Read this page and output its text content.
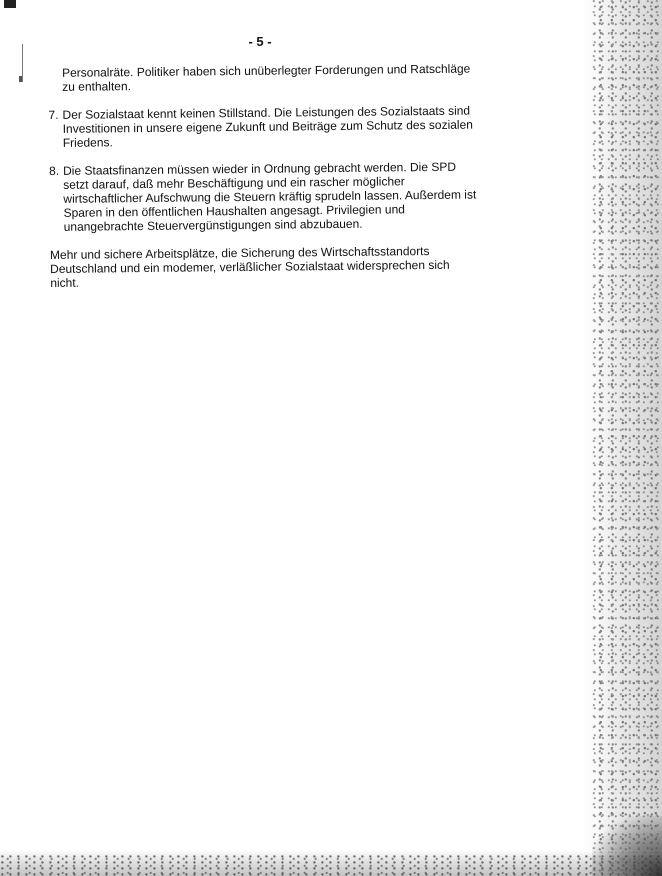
- 5 -

Personalräte. Politiker haben sich unüberlegter Forderungen und Ratschläge zu enthalten.

7. Der Sozialstaat kennt keinen Stillstand. Die Leistungen des Sozialstaats sind Investitionen in unsere eigene Zukunft und Beiträge zum Schutz des sozialen Friedens.
8. Die Staatsfinanzen müssen wieder in Ordnung gebracht werden. Die SPD setzt darauf, daß mehr Beschäftigung und ein rascher möglicher wirtschaftlicher Aufschwung die Steuern kräftig sprudeln lassen. Außerdem ist Sparen in den öffentlichen Haushalten angesagt. Privilegien und unangebrachte Steuervergünstigungen sind abzubauen.

Mehr und sichere Arbeitsplätze, die Sicherung des Wirtschaftsstandorts Deutschland und ein modemer, verläßlicher Sozialstaat widersprechen sich nicht.
